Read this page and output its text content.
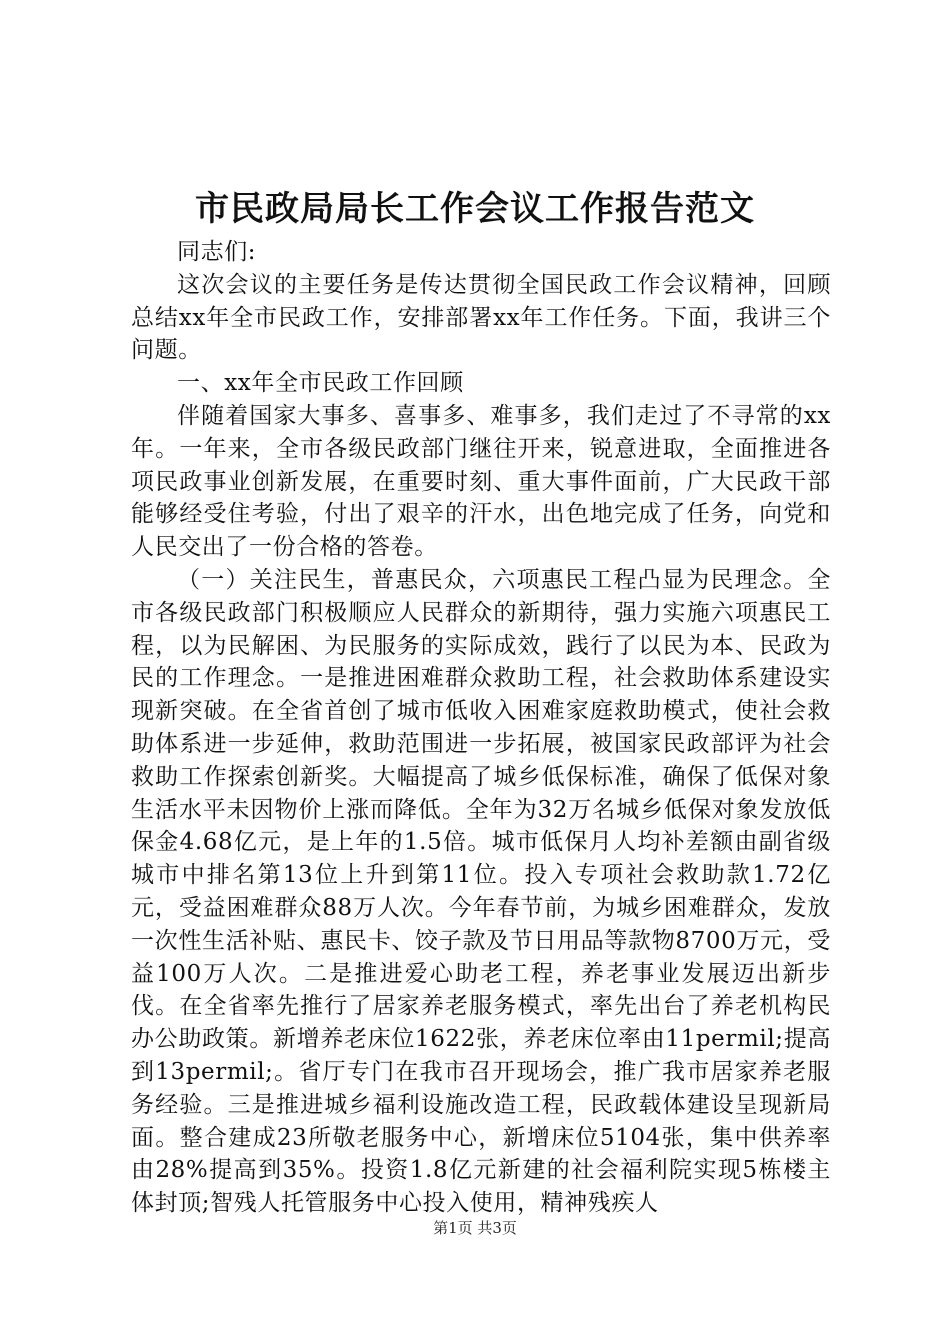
市民政局局长工作会议工作报告范文

同志们:

这次会议的主要任务是传达贯彻全国民政工作会议精神，回顾总结xx年全市民政工作，安排部署xx年工作任务。下面，我讲三个问题。

一、xx年全市民政工作回顾

伴随着国家大事多、喜事多、难事多，我们走过了不寻常的xx年。一年来，全市各级民政部门继往开来，锐意进取，全面推进各项民政事业创新发展，在重要时刻、重大事件面前，广大民政干部能够经受住考验，付出了艰辛的汗水，出色地完成了任务，向党和人民交出了一份合格的答卷。

（一）关注民生，普惠民众，六项惠民工程凸显为民理念。全市各级民政部门积极顺应人民群众的新期待，强力实施六项惠民工程，以为民解困、为民服务的实际成效，践行了以民为本、民政为民的工作理念。一是推进困难群众救助工程，社会救助体系建设实现新突破。在全省首创了城市低收入困难家庭救助模式，使社会救助体系进一步延伸，救助范围进一步拓展，被国家民政部评为社会救助工作探索创新奖。大幅提高了城乡低保标准，确保了低保对象生活水平未因物价上涨而降低。全年为32万名城乡低保对象发放低保金4.68亿元，是上年的1.5倍。城市低保月人均补差额由副省级城市中排名第13位上升到第11位。投入专项社会救助款1.72亿元，受益困难群众88万人次。今年春节前，为城乡困难群众，发放一次性生活补贴、惠民卡、饺子款及节日用品等款物8700万元，受益100万人次。二是推进爱心助老工程，养老事业发展迈出新步伐。在全省率先推行了居家养老服务模式，率先出台了养老机构民办公助政策。新增养老床位1622张，养老床位率由11permil;提高到13permil;。省厅专门在我市召开现场会，推广我市居家养老服务经验。三是推进城乡福利设施改造工程，民政载体建设呈现新局面。整合建成23所敬老服务中心，新增床位5104张，集中供养率由28%提高到35%。投资1.8亿元新建的社会福利院实现5栋楼主体封顶;智残人托管服务中心投入使用，精神残疾人

第1页 共3页
